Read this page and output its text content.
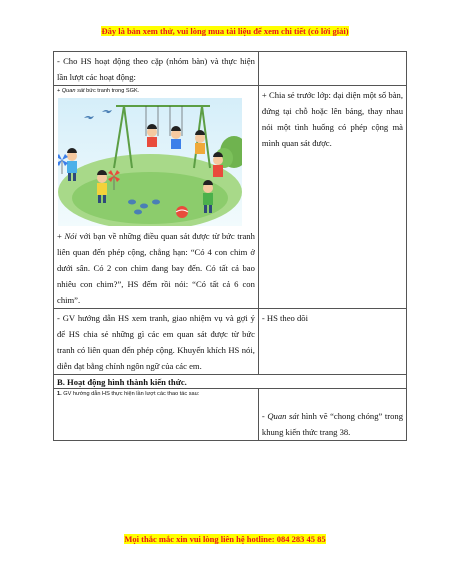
Đây là bản xem thử, vui lòng mua tài liệu để xem chi tiết (có lời giải)
- Cho HS hoạt động theo cặp (nhóm bàn) và thực hiện lần lượt các hoạt động:	

+ Quan sát bức tranh trong SGK.
+ Nói với bạn về những điều quan sát được từ bức tranh liên quan đến phép cộng, chẳng hạn: “Có 4 con chim ở dưới sân. Có 2 con chim đang bay đến. Có tất cả bao nhiêu con chim?”, HS đếm rồi nói: “Có tất cả 6 con chim”.	+ Chia sẻ trước lớp: đại diện một số bàn, đứng tại chỗ hoặc lên bảng, thay nhau nói một tình huống có phép cộng mà mình quan sát được.
- GV hướng dẫn HS xem tranh, giao nhiệm vụ và gợi ý để HS chia sẻ những gì các em quan sát được từ bức tranh có liên quan đến phép cộng. Khuyến khích HS nói, diễn đạt bằng chính ngôn ngữ của các em.	- HS theo dõi
B. Hoạt động hình thành kiến thức.	

1. GV hướng dẫn HS thực hiện lần lượt các thao tác sau:	- Quan sát hình vẽ “chong chóng” trong khung kiến thức trang 38.
Mọi thắc mắc xin vui lòng liên hệ hotline: 084 283 45 85
